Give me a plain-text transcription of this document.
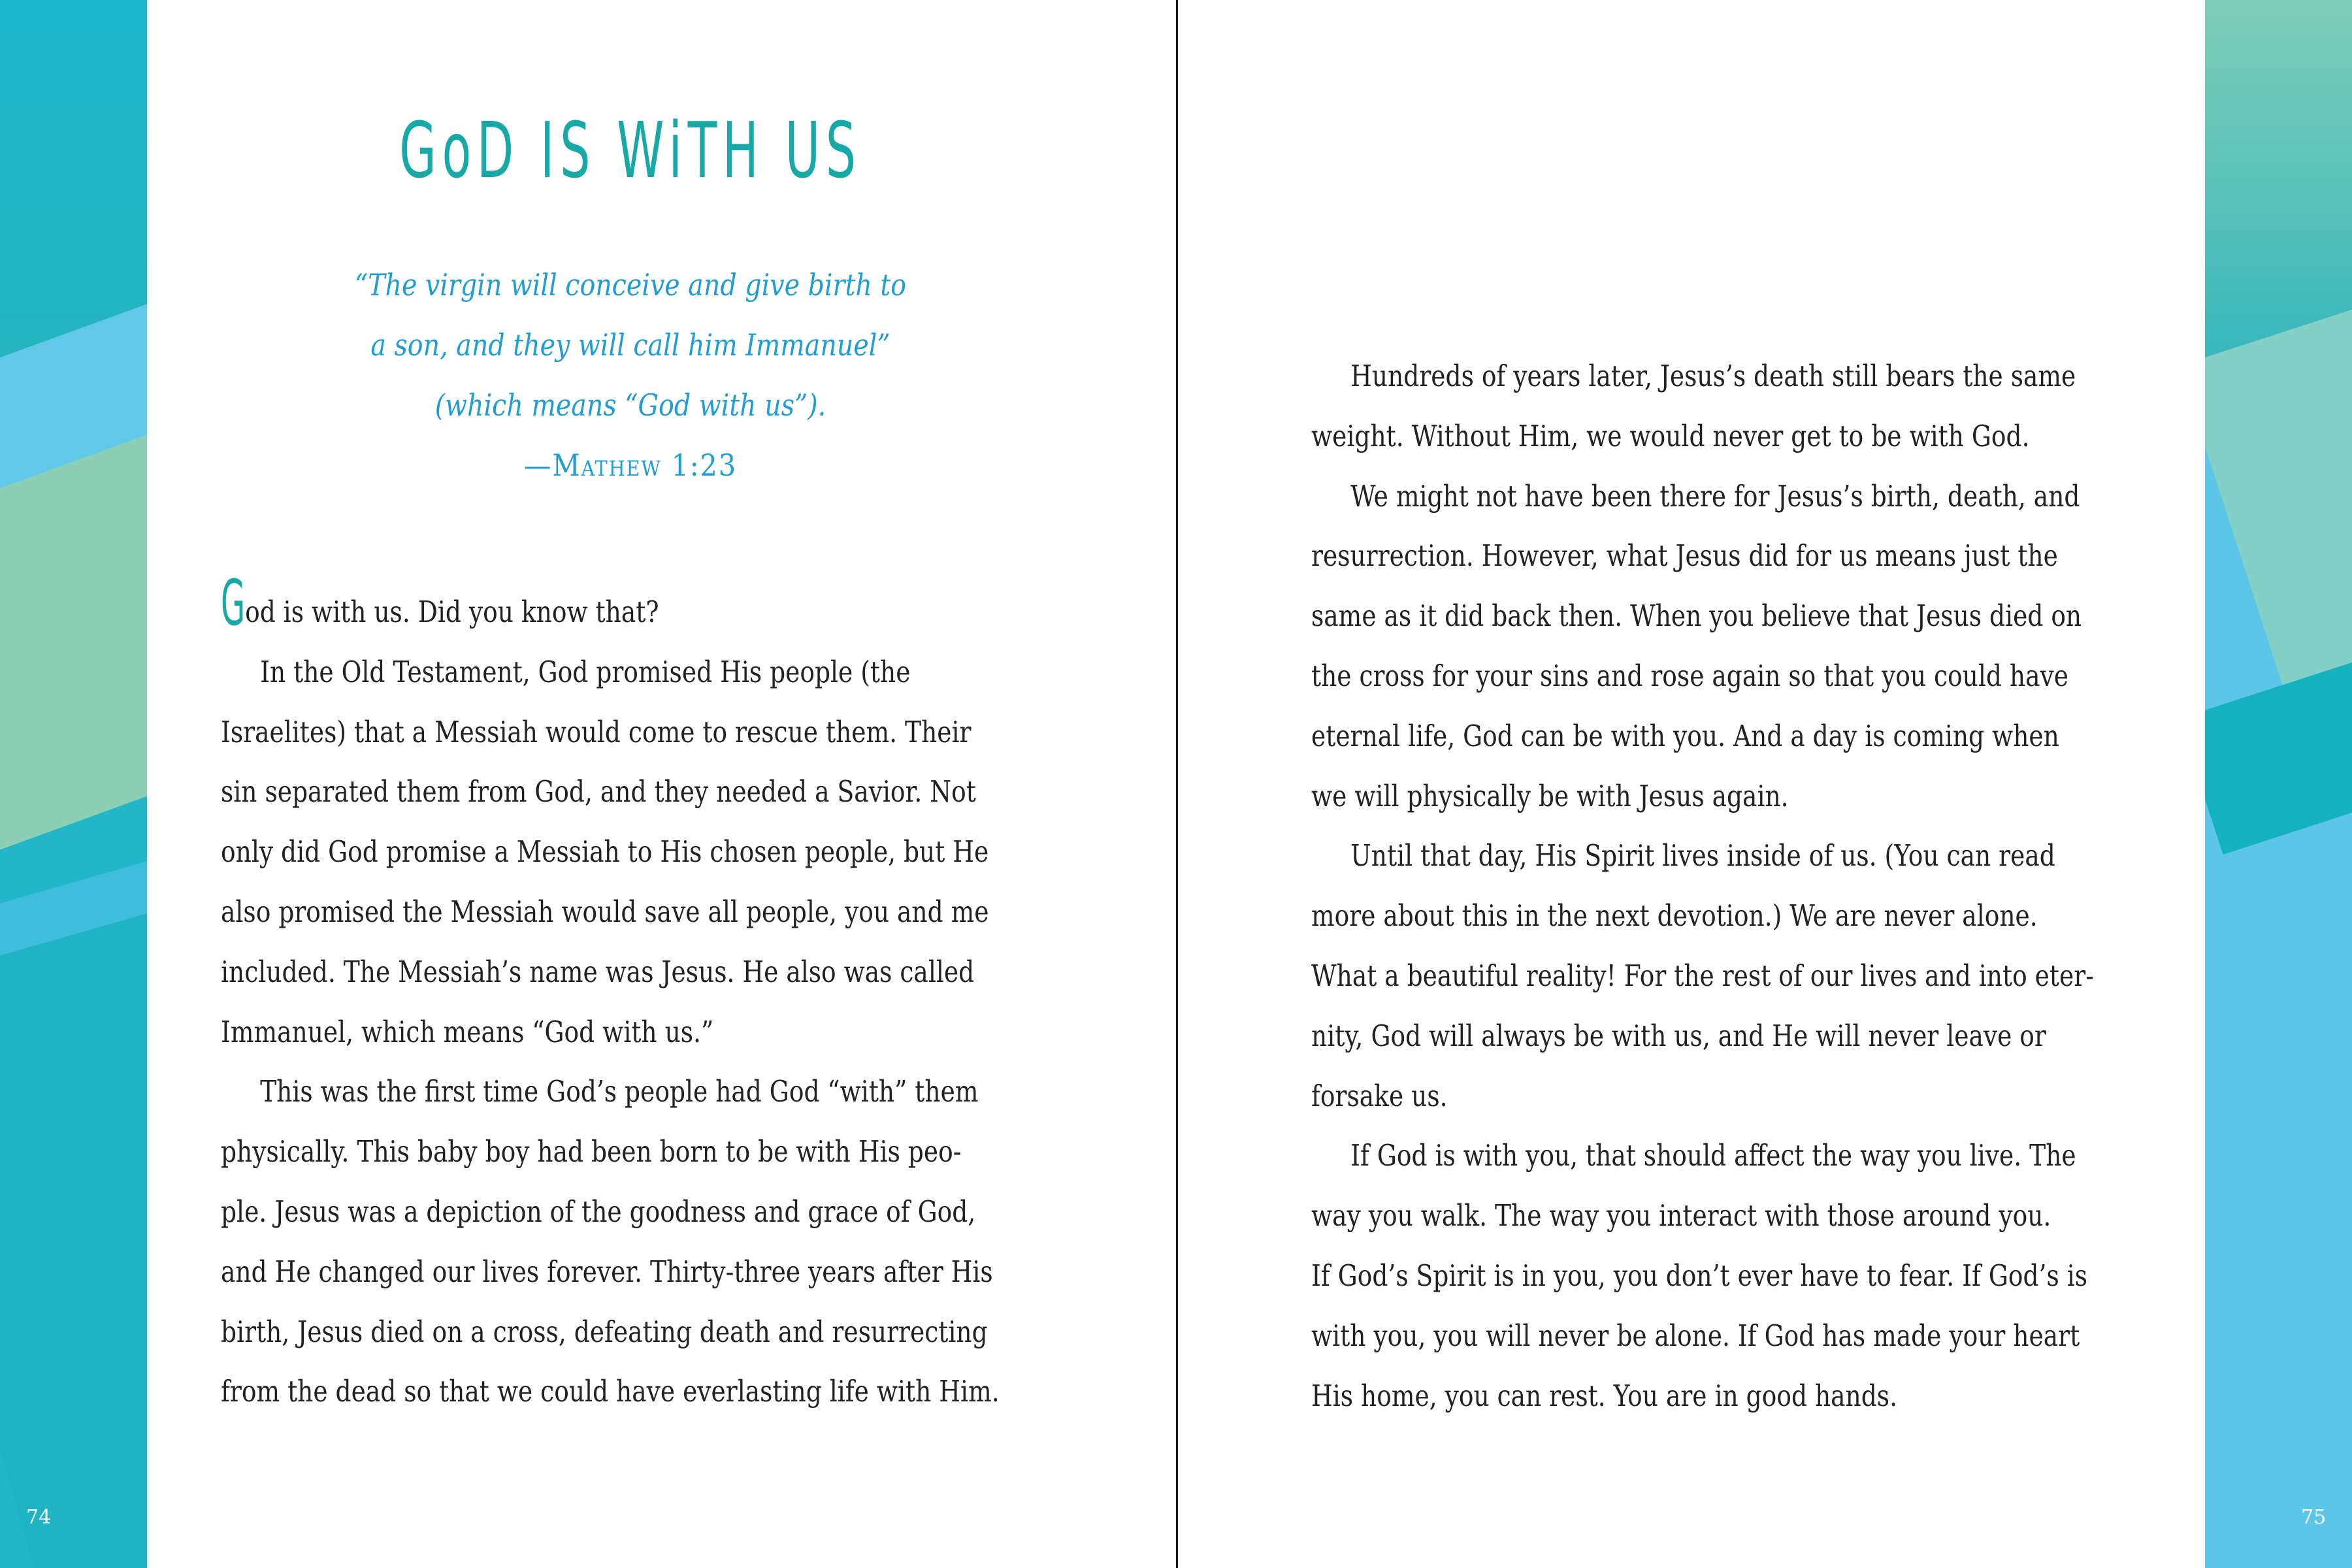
GoD IS WiTH US
“The virgin will conceive and give birth to
a son, and they will call him Immanuel”
(which means “God with us”).
—Mathew 1:23
God is with us. Did you know that?
In the Old Testament, God promised His people (the
Israelites) that a Messiah would come to rescue them. Their
sin separated them from God, and they needed a Savior. Not
only did God promise a Messiah to His chosen people, but He
also promised the Messiah would save all people, you and me
included. The Messiah’s name was Jesus. He also was called
Immanuel, which means “God with us.”
This was the first time God’s people had God “with” them
physically. This baby boy had been born to be with His peo-
ple. Jesus was a depiction of the goodness and grace of God,
and He changed our lives forever. Thirty-three years after His
birth, Jesus died on a cross, defeating death and resurrecting
from the dead so that we could have everlasting life with Him.
74
Hundreds of years later, Jesus’s death still bears the same
weight. Without Him, we would never get to be with God.
We might not have been there for Jesus’s birth, death, and
resurrection. However, what Jesus did for us means just the
same as it did back then. When you believe that Jesus died on
the cross for your sins and rose again so that you could have
eternal life, God can be with you. And a day is coming when
we will physically be with Jesus again.
Until that day, His Spirit lives inside of us. (You can read
more about this in the next devotion.) We are never alone.
What a beautiful reality! For the rest of our lives and into eter-
nity, God will always be with us, and He will never leave or
forsake us.
If God is with you, that should affect the way you live. The
way you walk. The way you interact with those around you.
If God’s Spirit is in you, you don’t ever have to fear. If God’s is
with you, you will never be alone. If God has made your heart
His home, you can rest. You are in good hands.
75
